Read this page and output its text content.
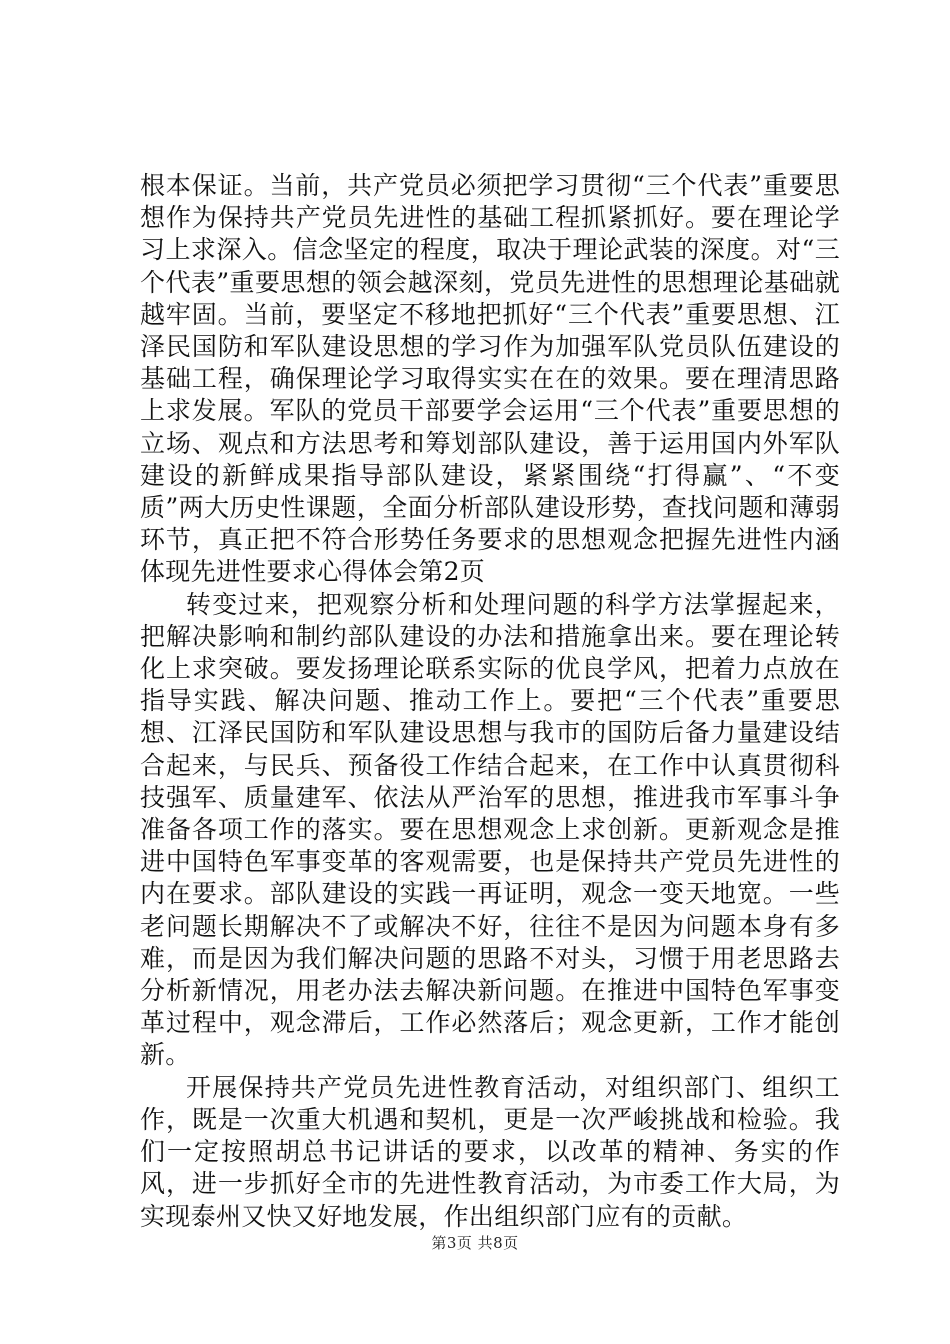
根本保证。当前，共产党员必须把学习贯彻“三个代表”重要思想作为保持共产党员先进性的基础工程抓紧抓好。要在理论学习上求深入。信念坚定的程度，取决于理论武装的深度。对“三个代表”重要思想的领会越深刻，党员先进性的思想理论基础就越牢固。当前，要坚定不移地把抓好“三个代表”重要思想、江泽民国防和军队建设思想的学习作为加强军队党员队伍建设的基础工程，确保理论学习取得实实在在的效果。要在理清思路上求发展。军队的党员干部要学会运用“三个代表”重要思想的立场、观点和方法思考和筹划部队建设，善于运用国内外军队建设的新鲜成果指导部队建设，紧紧围绕“打得赢”、“不变质”两大历史性课题，全面分析部队建设形势，查找问题和薄弱环节，真正把不符合形势任务要求的思想观念把握先进性内涵体现先进性要求心得体会第2页

转变过来，把观察分析和处理问题的科学方法掌握起来，把解决影响和制约部队建设的办法和措施拿出来。要在理论转化上求突破。要发扬理论联系实际的优良学风，把着力点放在指导实践、解决问题、推动工作上。要把“三个代表”重要思想、江泽民国防和军队建设思想与我市的国防后备力量建设结合起来，与民兵、预备役工作结合起来，在工作中认真贯彻科技强军、质量建军、依法从严治军的思想，推进我市军事斗争准备各项工作的落实。要在思想观念上求创新。更新观念是推进中国特色军事变革的客观需要，也是保持共产党员先进性的内在要求。部队建设的实践一再证明，观念一变天地宽。一些老问题长期解决不了或解决不好，往往不是因为问题本身有多难，而是因为我们解决问题的思路不对头，习惯于用老思路去分析新情况，用老办法去解决新问题。在推进中国特色军事变革过程中，观念滞后，工作必然落后；观念更新，工作才能创新。

开展保持共产党员先进性教育活动，对组织部门、组织工作，既是一次重大机遇和契机，更是一次严峻挑战和检验。我们一定按照胡总书记讲话的要求，以改革的精神、务实的作风，进一步抓好全市的先进性教育活动，为市委工作大局，为实现泰州又快又好地发展，作出组织部门应有的贡献。

第3页 共8页
